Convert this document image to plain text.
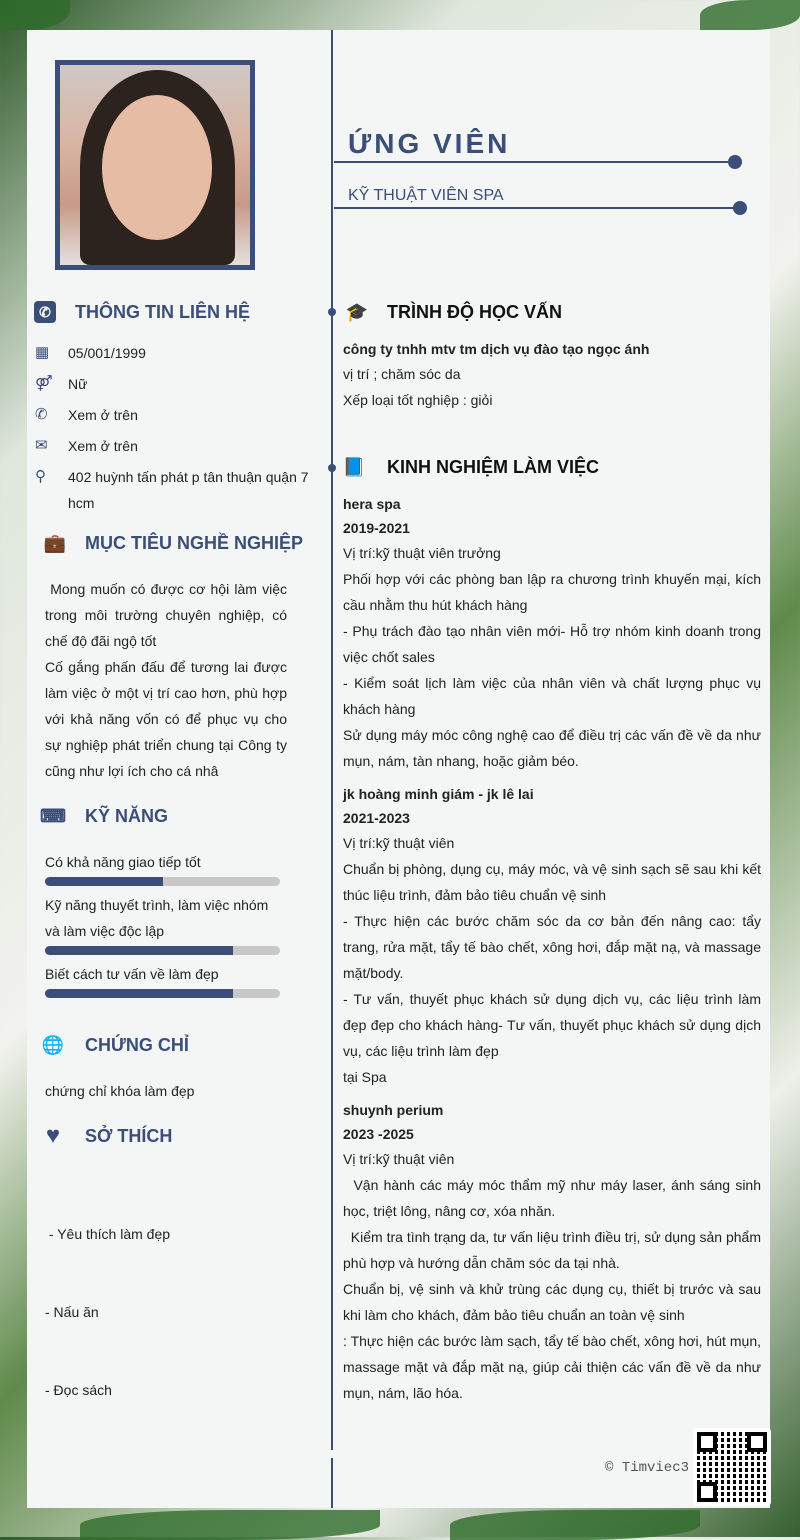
ỨNG VIÊN
KỸ THUẬT VIÊN SPA
✆ THÔNG TIN LIÊN HỆ
▦	05/001/1999
⚤	Nữ
✆	Xem ở trên
✉	Xem ở trên
⚲	402 huỳnh tấn phát p tân thuận quận 7 hcm
💼 MỤC TIÊU NGHỀ NGHIỆP
Mong muốn có được cơ hội làm việc trong môi trường chuyên nghiệp, có chế độ đãi ngộ tốt
Cố gắng phấn đấu để tương lai được làm việc ở một vị trí cao hơn, phù hợp với khả năng vốn có để phục vụ cho sự nghiệp phát triển chung tại Công ty cũng như lợi ích cho cá nhâ
⌨ KỸ NĂNG
Có khả năng giao tiếp tốt
Kỹ năng thuyết trình, làm việc nhóm và làm việc độc lập
Biết cách tư vấn về làm đẹp
🌐 CHỨNG CHỈ
chứng chỉ khóa làm đẹp
♥ SỞ THÍCH

- Yêu thích làm đẹp

- Nấu ăn

- Đọc sách

🎓 TRÌNH ĐỘ HỌC VẤN
công ty tnhh mtv tm dịch vụ đào tạo ngọc ánh
vị trí ; chăm sóc da
Xếp loại tốt nghiệp : giỏi
📘 KINH NGHIỆM LÀM VIỆC
hera spa
2019-2021
Vị trí:kỹ thuật viên trưởng
Phối hợp với các phòng ban lập ra chương trình khuyến mại, kích cầu nhằm thu hút khách hàng
- Phụ trách đào tạo nhân viên mới- Hỗ trợ nhóm kinh doanh trong việc chốt sales
- Kiểm soát lịch làm việc của nhân viên và chất lượng phục vụ khách hàng
Sử dụng máy móc công nghệ cao để điều trị các vấn đề về da như mụn, nám, tàn nhang, hoặc giảm béo.
jk hoàng minh giám - jk lê lai
2021-2023
Vị trí:kỹ thuật viên
Chuẩn bị phòng, dụng cụ, máy móc, và vệ sinh sạch sẽ sau khi kết thúc liệu trình, đảm bảo tiêu chuẩn vệ sinh
- Thực hiện các bước chăm sóc da cơ bản đến nâng cao: tẩy trang, rửa mặt, tẩy tế bào chết, xông hơi, đắp mặt nạ, và massage mặt/body.
- Tư vấn, thuyết phục khách sử dụng dịch vụ, các liệu trình làm đẹp đẹp cho khách hàng- Tư vấn, thuyết phục khách sử dụng dịch vụ, các liệu trình làm đẹp
tại Spa
shuynh perium
2023 -2025
Vị trí:kỹ thuật viên
Vận hành các máy móc thẩm mỹ như máy laser, ánh sáng sinh học, triệt lông, nâng cơ, xóa nhăn.
Kiểm tra tình trạng da, tư vấn liệu trình điều trị, sử dụng sản phẩm phù hợp và hướng dẫn chăm sóc da tại nhà.
Chuẩn bị, vệ sinh và khử trùng các dụng cụ, thiết bị trước và sau khi làm cho khách, đảm bảo tiêu chuẩn an toàn vệ sinh
: Thực hiện các bước làm sạch, tẩy tế bào chết, xông hơi, hút mụn, massage mặt và đắp mặt nạ, giúp cải thiện các vấn đề về da như mụn, nám, lão hóa.
© Timviec3
